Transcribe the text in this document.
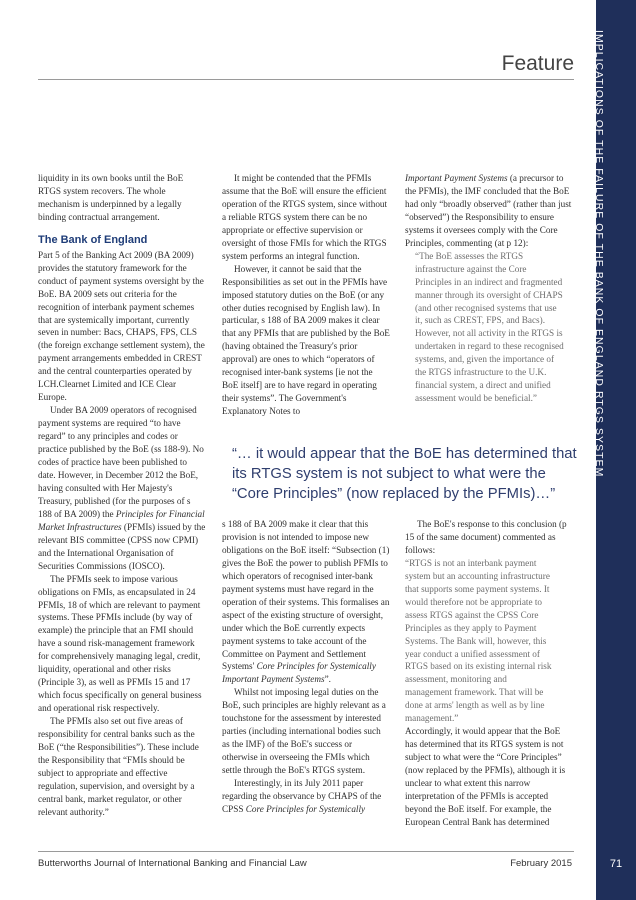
IMPLICATIONS OF THE FAILURE OF THE BANK OF ENGLAND RTGS SYSTEM
71
Feature

liquidity in its own books until the BoE RTGS system recovers. The whole mechanism is underpinned by a legally binding contractual arrangement.

The Bank of England

Part 5 of the Banking Act 2009 (BA 2009) provides the statutory framework for the conduct of payment systems oversight by the BoE. BA 2009 sets out criteria for the recognition of interbank payment schemes that are systemically important, currently seven in number: Bacs, CHAPS, FPS, CLS (the foreign exchange settlement system), the payment arrangements embedded in CREST and the central counterparties operated by LCH.Clearnet Limited and ICE Clear Europe.

Under BA 2009 operators of recognised payment systems are required “to have regard” to any principles and codes or practice published by the BoE (ss 188-9). No codes of practice have been published to date. However, in December 2012 the BoE, having consulted with Her Majesty's Treasury, published (for the purposes of s 188 of BA 2009) the Principles for Financial Market Infrastructures (PFMIs) issued by the relevant BIS committee (CPSS now CPMI) and the International Organisation of Securities Commissions (IOSCO).

The PFMIs seek to impose various obligations on FMIs, as encapsulated in 24 PFMIs, 18 of which are relevant to payment systems. These PFMIs include (by way of example) the principle that an FMI should have a sound risk-management framework for comprehensively managing legal, credit, liquidity, operational and other risks (Principle 3), as well as PFMIs 15 and 17 which focus specifically on general business and operational risk respectively.

The PFMIs also set out five areas of responsibility for central banks such as the BoE (“the Responsibilities”). These include the Responsibility that “FMIs should be subject to appropriate and effective regulation, supervision, and oversight by a central bank, market regulator, or other relevant authority.”

It might be contended that the PFMIs assume that the BoE will ensure the efficient operation of the RTGS system, since without a reliable RTGS system there can be no appropriate or effective supervision or oversight of those FMIs for which the RTGS system performs an integral function.

However, it cannot be said that the Responsibilities as set out in the PFMIs have imposed statutory duties on the BoE (or any other duties recognised by English law). In particular, s 188 of BA 2009 makes it clear that any PFMIs that are published by the BoE (having obtained the Treasury's prior approval) are ones to which “operators of recognised inter-bank systems [ie not the BoE itself] are to have regard in operating their systems”. The Government's Explanatory Notes to

Important Payment Systems (a precursor to the PFMIs), the IMF concluded that the BoE had only “broadly observed” (rather than just “observed”) the Responsibility to ensure systems it oversees comply with the Core Principles, commenting (at p 12):

“The BoE assesses the RTGS infrastructure against the Core Principles in an indirect and fragmented manner through its oversight of CHAPS (and other recognised systems that use it, such as CREST, FPS, and Bacs). However, not all activity in the RTGS is undertaken in regard to these recognised systems, and, given the importance of the RTGS infrastructure to the U.K. financial system, a direct and unified assessment would be beneficial.”

“… it would appear that the BoE has determined that its RTGS system is not subject to what were the “Core Principles” (now replaced by the PFMIs)…”

s 188 of BA 2009 make it clear that this provision is not intended to impose new obligations on the BoE itself: “Subsection (1) gives the BoE the power to publish PFMIs to which operators of recognised inter-bank payment systems must have regard in the operation of their systems. This formalises an aspect of the existing structure of oversight, under which the BoE currently expects payment systems to take account of the Committee on Payment and Settlement Systems' Core Principles for Systemically Important Payment Systems”.

Whilst not imposing legal duties on the BoE, such principles are highly relevant as a touchstone for the assessment by interested parties (including international bodies such as the IMF) of the BoE's success or otherwise in overseeing the FMIs which settle through the BoE's RTGS system.

Interestingly, in its July 2011 paper regarding the observance by CHAPS of the CPSS Core Principles for Systemically

The BoE's response to this conclusion (p 15 of the same document) commented as follows:

“RTGS is not an interbank payment system but an accounting infrastructure that supports some payment systems. It would therefore not be appropriate to assess RTGS against the CPSS Core Principles as they apply to Payment Systems. The Bank will, however, this year conduct a unified assessment of RTGS based on its existing internal risk assessment, monitoring and management framework. That will be done at arms' length as well as by line management.”

Accordingly, it would appear that the BoE has determined that its RTGS system is not subject to what were the “Core Principles” (now replaced by the PFMIs), although it is unclear to what extent this narrow interpretation of the PFMIs is accepted beyond the BoE itself. For example, the European Central Bank has determined

Butterworths Journal of International Banking and Financial Law	February 2015
